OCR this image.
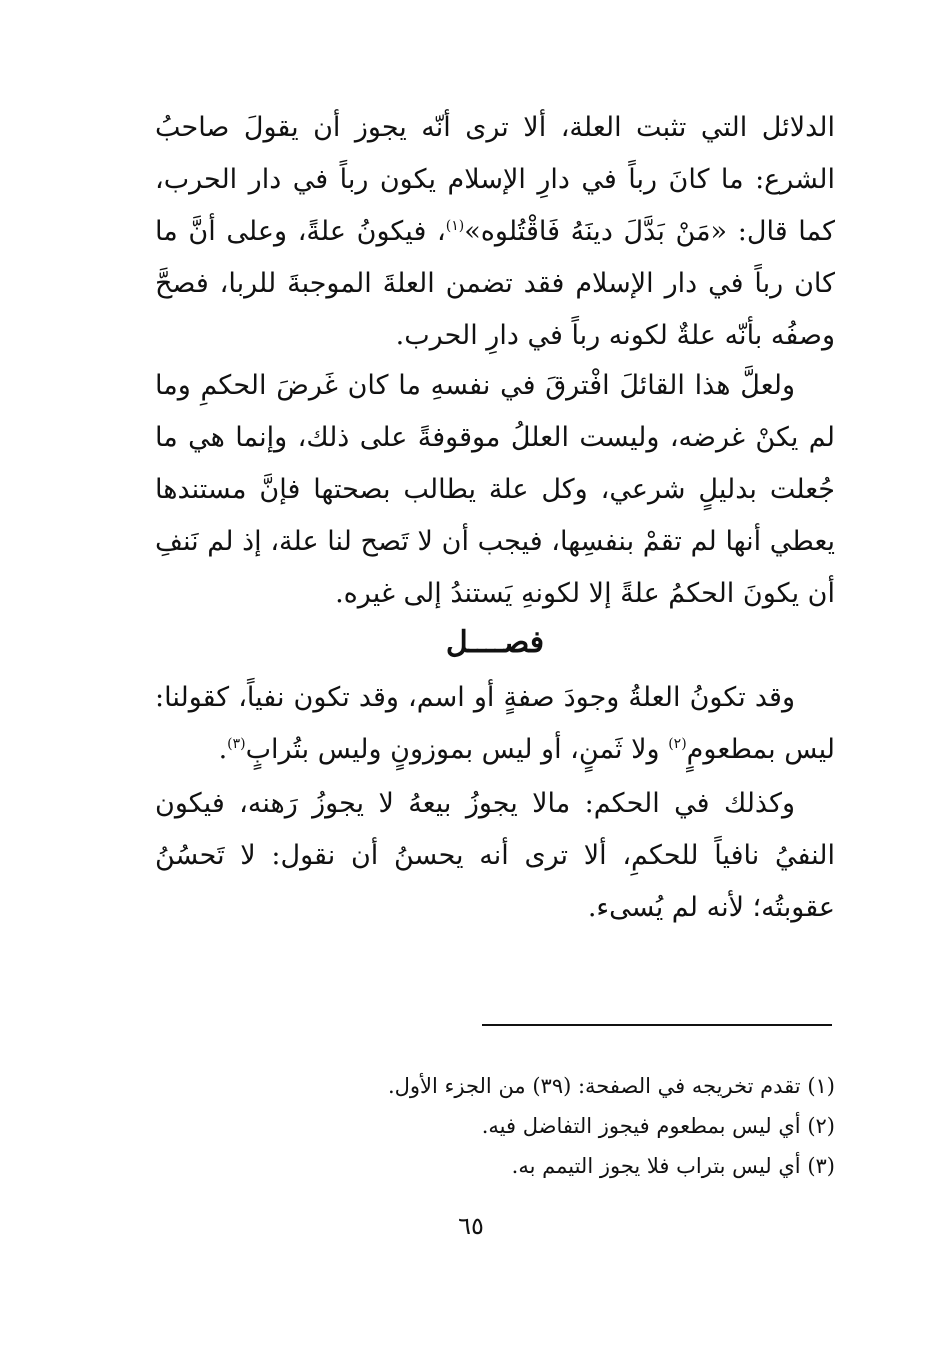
الدلائل التي تثبت العلة، ألا ترى أنّه يجوز أن يقولَ صاحبُ الشرع: ما كانَ رباً في دارِ الإسلام يكون رباً في دار الحرب، كما قال: «مَنْ بَدَّلَ دينَهُ فَاقْتُلوه»$^{(١)}$، فيكونُ علةً، وعلى أنَّ ما كان رباً في دار الإسلام فقد تضمن العلةَ الموجبةَ للربا، فصحَّ وصفُه بأنّه علةٌ لكونه رباً في دارِ الحرب.

ولعلَّ هذا القائلَ افْترقَ في نفسهِ ما كان غَرضَ الحكمِ وما لم يكنْ غرضه، وليست العللُ موقوفةً على ذلك، وإنما هي ما جُعلت بدليلٍ شرعي، وكل علة يطالب بصحتها فإنَّ مستندها يعطي أنها لم تقمْ بنفسِها، فيجب أن لا تَصح لنا علة، إذ لم نَنفِ أن يكونَ الحكمُ علةً إلا لكونهِ يَستندُ إلى غيره.

فصــــل

وقد تكونُ العلةُ وجودَ صفةٍ أو اسم، وقد تكون نفياً، كقولنا: ليس بمطعومٍ$^{(٢)}$ ولا ثَمنٍ، أو ليس بموزونٍ وليس بتُرابٍ$^{(٣)}$.

وكذلك في الحكم: مالا يجوزُ بيعهُ لا يجوزُ رَهنه، فيكون النفيُ نافياً للحكمِ، ألا ترى أنه يحسنُ أن نقول: لا تَحسُنُ عقوبتُه؛ لأنه لم يُسىء.

(١) تقدم تخريجه في الصفحة: (٣٩) من الجزء الأول.
(٢) أي ليس بمطعوم فيجوز التفاضل فيه.
(٣) أي ليس بتراب فلا يجوز التيمم به.
٦٥
